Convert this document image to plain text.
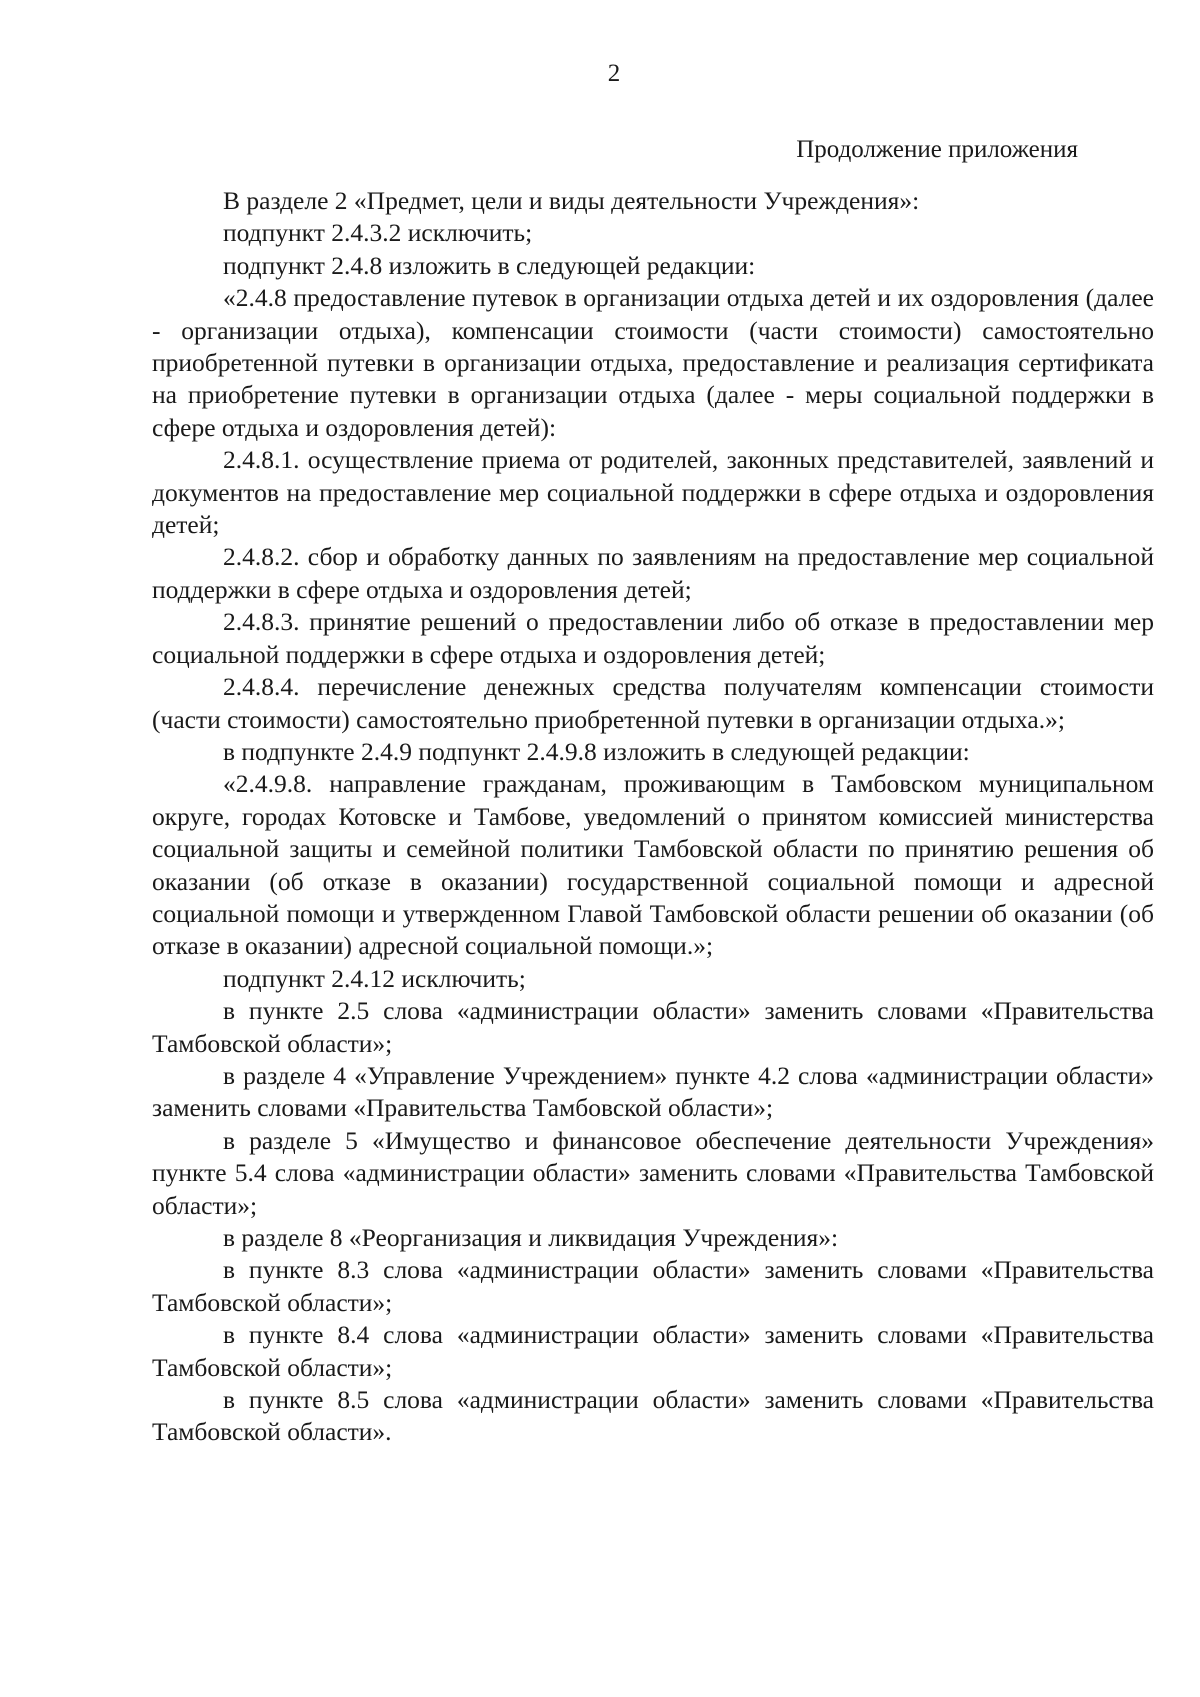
2
Продолжение приложения

В разделе 2 «Предмет, цели и виды деятельности Учреждения»:

подпункт 2.4.3.2 исключить;

подпункт 2.4.8 изложить в следующей редакции:

«2.4.8 предоставление путевок в организации отдыха детей и их оздоровления (далее - организации отдыха), компенсации стоимости (части стоимости) самостоятельно приобретенной путевки в организации отдыха, предоставление и реализация сертификата на приобретение путевки в организации отдыха (далее - меры социальной поддержки в сфере отдыха и оздоровления детей):

2.4.8.1. осуществление приема от родителей, законных представителей, заявлений и документов на предоставление мер социальной поддержки в сфере отдыха и оздоровления детей;

2.4.8.2. сбор и обработку данных по заявлениям на предоставление мер социальной поддержки в сфере отдыха и оздоровления детей;

2.4.8.3. принятие решений о предоставлении либо об отказе в предоставлении мер социальной поддержки в сфере отдыха и оздоровления детей;

2.4.8.4. перечисление денежных средства получателям компенсации стоимости (части стоимости) самостоятельно приобретенной путевки в организации отдыха.»;

в подпункте 2.4.9 подпункт 2.4.9.8 изложить в следующей редакции:

«2.4.9.8. направление гражданам, проживающим в Тамбовском муниципальном округе, городах Котовске и Тамбове, уведомлений о принятом комиссией министерства социальной защиты и семейной политики Тамбовской области по принятию решения об оказании (об отказе в оказании) государственной социальной помощи и адресной социальной помощи и утвержденном Главой Тамбовской области решении об оказании (об отказе в оказании) адресной социальной помощи.»;

подпункт 2.4.12 исключить;

в пункте 2.5 слова «администрации области» заменить словами «Правительства Тамбовской области»;

в разделе 4 «Управление Учреждением» пункте 4.2 слова «администрации области» заменить словами «Правительства Тамбовской области»;

в разделе 5 «Имущество и финансовое обеспечение деятельности Учреждения» пункте 5.4 слова «администрации области» заменить словами «Правительства Тамбовской области»;

в разделе 8 «Реорганизация и ликвидация Учреждения»:

в пункте 8.3 слова «администрации области» заменить словами «Правительства Тамбовской области»;

в пункте 8.4 слова «администрации области» заменить словами «Правительства Тамбовской области»;

в пункте 8.5 слова «администрации области» заменить словами «Правительства Тамбовской области».
